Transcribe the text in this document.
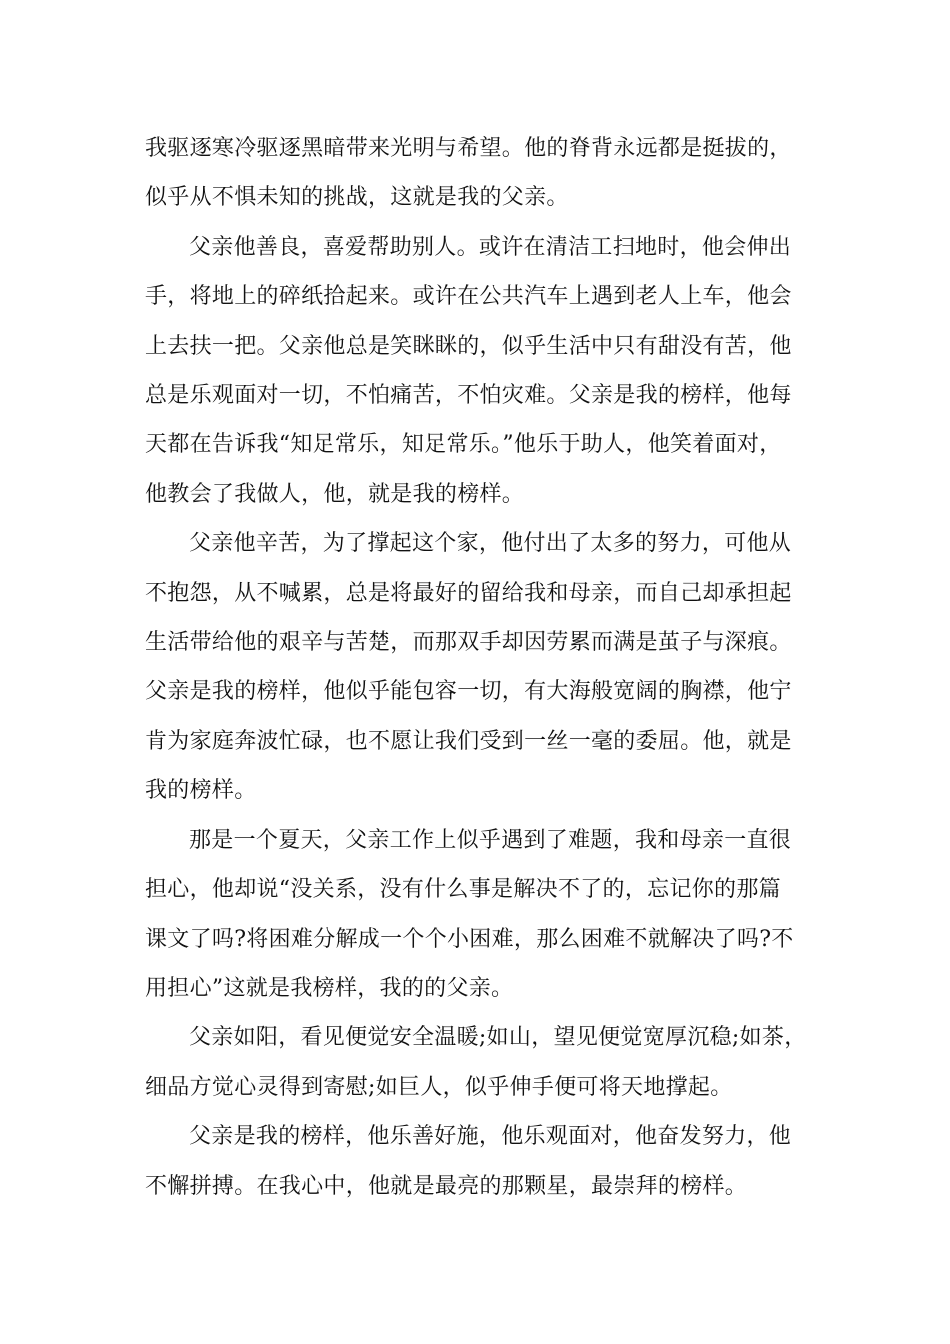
我驱逐寒冷驱逐黑暗带来光明与希望。他的脊背永远都是挺拔的，
似乎从不惧未知的挑战，这就是我的父亲。
父亲他善良，喜爱帮助别人。或许在清洁工扫地时，他会伸出
手，将地上的碎纸拾起来。或许在公共汽车上遇到老人上车，他会
上去扶一把。父亲他总是笑眯眯的，似乎生活中只有甜没有苦，他
总是乐观面对一切，不怕痛苦，不怕灾难。父亲是我的榜样，他每
天都在告诉我“知足常乐，知足常乐。”他乐于助人，他笑着面对，
他教会了我做人，他，就是我的榜样。
父亲他辛苦，为了撑起这个家，他付出了太多的努力，可他从
不抱怨，从不喊累，总是将最好的留给我和母亲，而自己却承担起
生活带给他的艰辛与苦楚，而那双手却因劳累而满是茧子与深痕。
父亲是我的榜样，他似乎能包容一切，有大海般宽阔的胸襟，他宁
肯为家庭奔波忙碌，也不愿让我们受到一丝一毫的委屈。他，就是
我的榜样。
那是一个夏天，父亲工作上似乎遇到了难题，我和母亲一直很
担心，他却说“没关系，没有什么事是解决不了的，忘记你的那篇
课文了吗?将困难分解成一个个小困难，那么困难不就解决了吗?不
用担心”这就是我榜样，我的的父亲。
父亲如阳，看见便觉安全温暖;如山，望见便觉宽厚沉稳;如茶，
细品方觉心灵得到寄慰;如巨人，似乎伸手便可将天地撑起。
父亲是我的榜样，他乐善好施，他乐观面对，他奋发努力，他
不懈拼搏。在我心中，他就是最亮的那颗星，最崇拜的榜样。
